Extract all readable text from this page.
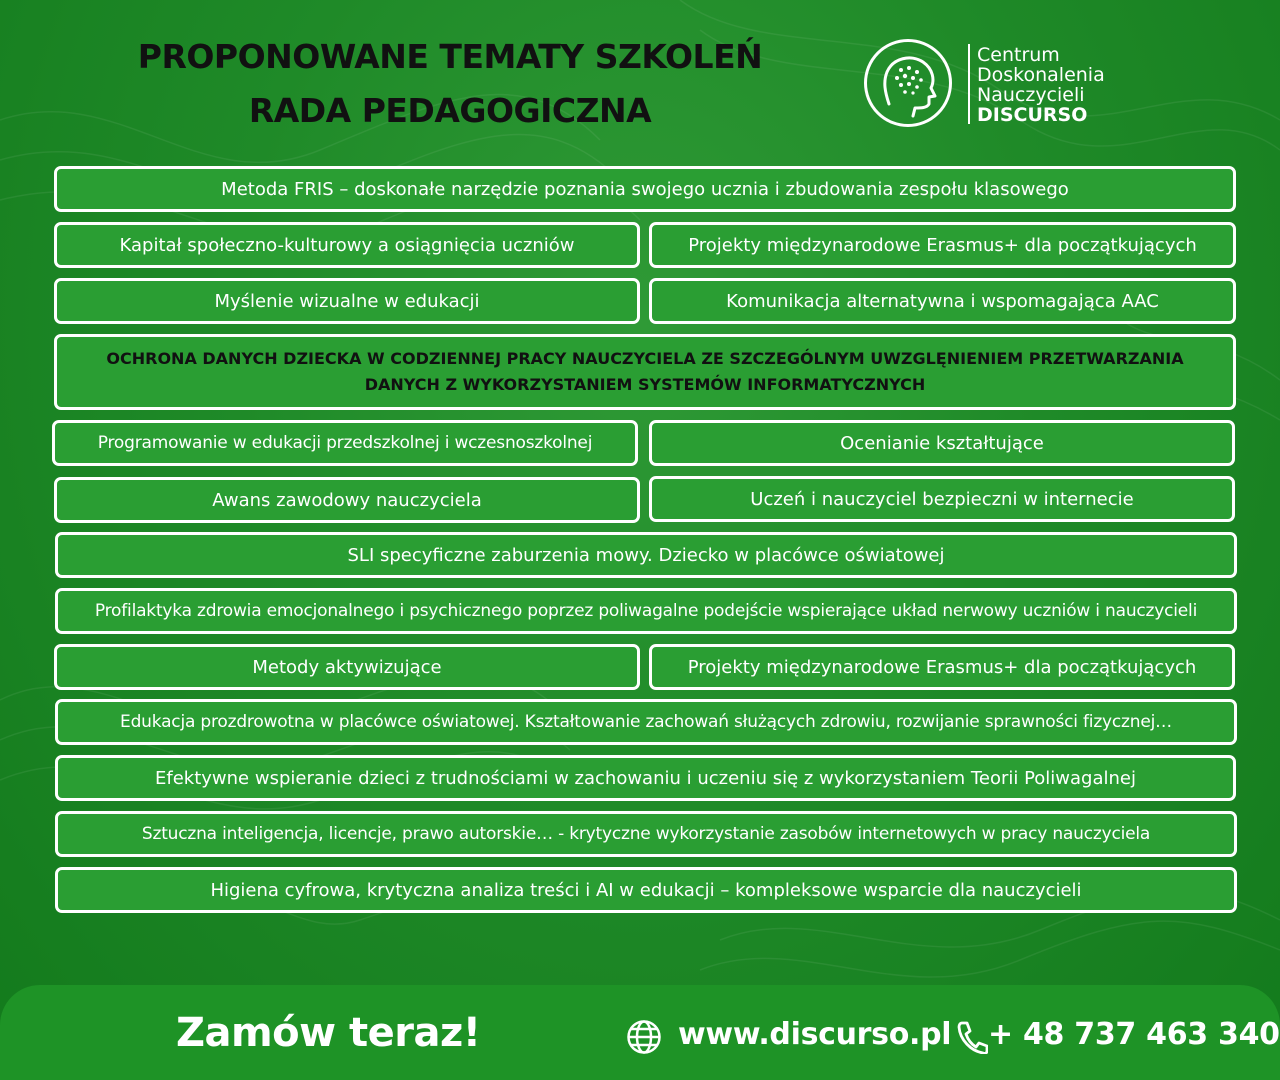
PROPONOWANE TEMATY SZKOLEŃ
RADA PEDAGOGICZNA
Centrum
Doskonalenia
Nauczycieli
DISCURSO
Metoda FRIS – doskonałe narzędzie poznania swojego ucznia i zbudowania zespołu klasowego
Kapitał społeczno-kulturowy a osiągnięcia uczniów	Projekty międzynarodowe Erasmus+ dla początkujących
Myślenie wizualne w edukacji	Komunikacja alternatywna i wspomagająca AAC
OCHRONA DANYCH DZIECKA W CODZIENNEJ PRACY NAUCZYCIELA ZE SZCZEGÓLNYM UWZGLĘNIENIEM PRZETWARZANIA DANYCH Z WYKORZYSTANIEM SYSTEMÓW INFORMATYCZNYCH
Programowanie w edukacji przedszkolnej i wczesnoszkolnej	Ocenianie kształtujące
Awans zawodowy nauczyciela	Uczeń i nauczyciel bezpieczni w internecie
SLI specyficzne zaburzenia mowy. Dziecko w placówce oświatowej
Profilaktyka zdrowia emocjonalnego i psychicznego poprzez poliwagalne podejście wspierające układ nerwowy uczniów i nauczycieli
Metody aktywizujące	Projekty międzynarodowe Erasmus+ dla początkujących
Edukacja prozdrowotna w placówce oświatowej. Kształtowanie zachowań służących zdrowiu, rozwijanie sprawności fizycznej…
Efektywne wspieranie dzieci z trudnościami w zachowaniu i uczeniu się z wykorzystaniem Teorii Poliwagalnej
Sztuczna inteligencja, licencje, prawo autorskie… - krytyczne wykorzystanie zasobów internetowych w pracy nauczyciela
Higiena cyfrowa, krytyczna analiza treści i AI w edukacji – kompleksowe wsparcie dla nauczycieli
Zamów teraz!	www.discurso.pl + 48 737 463 340
